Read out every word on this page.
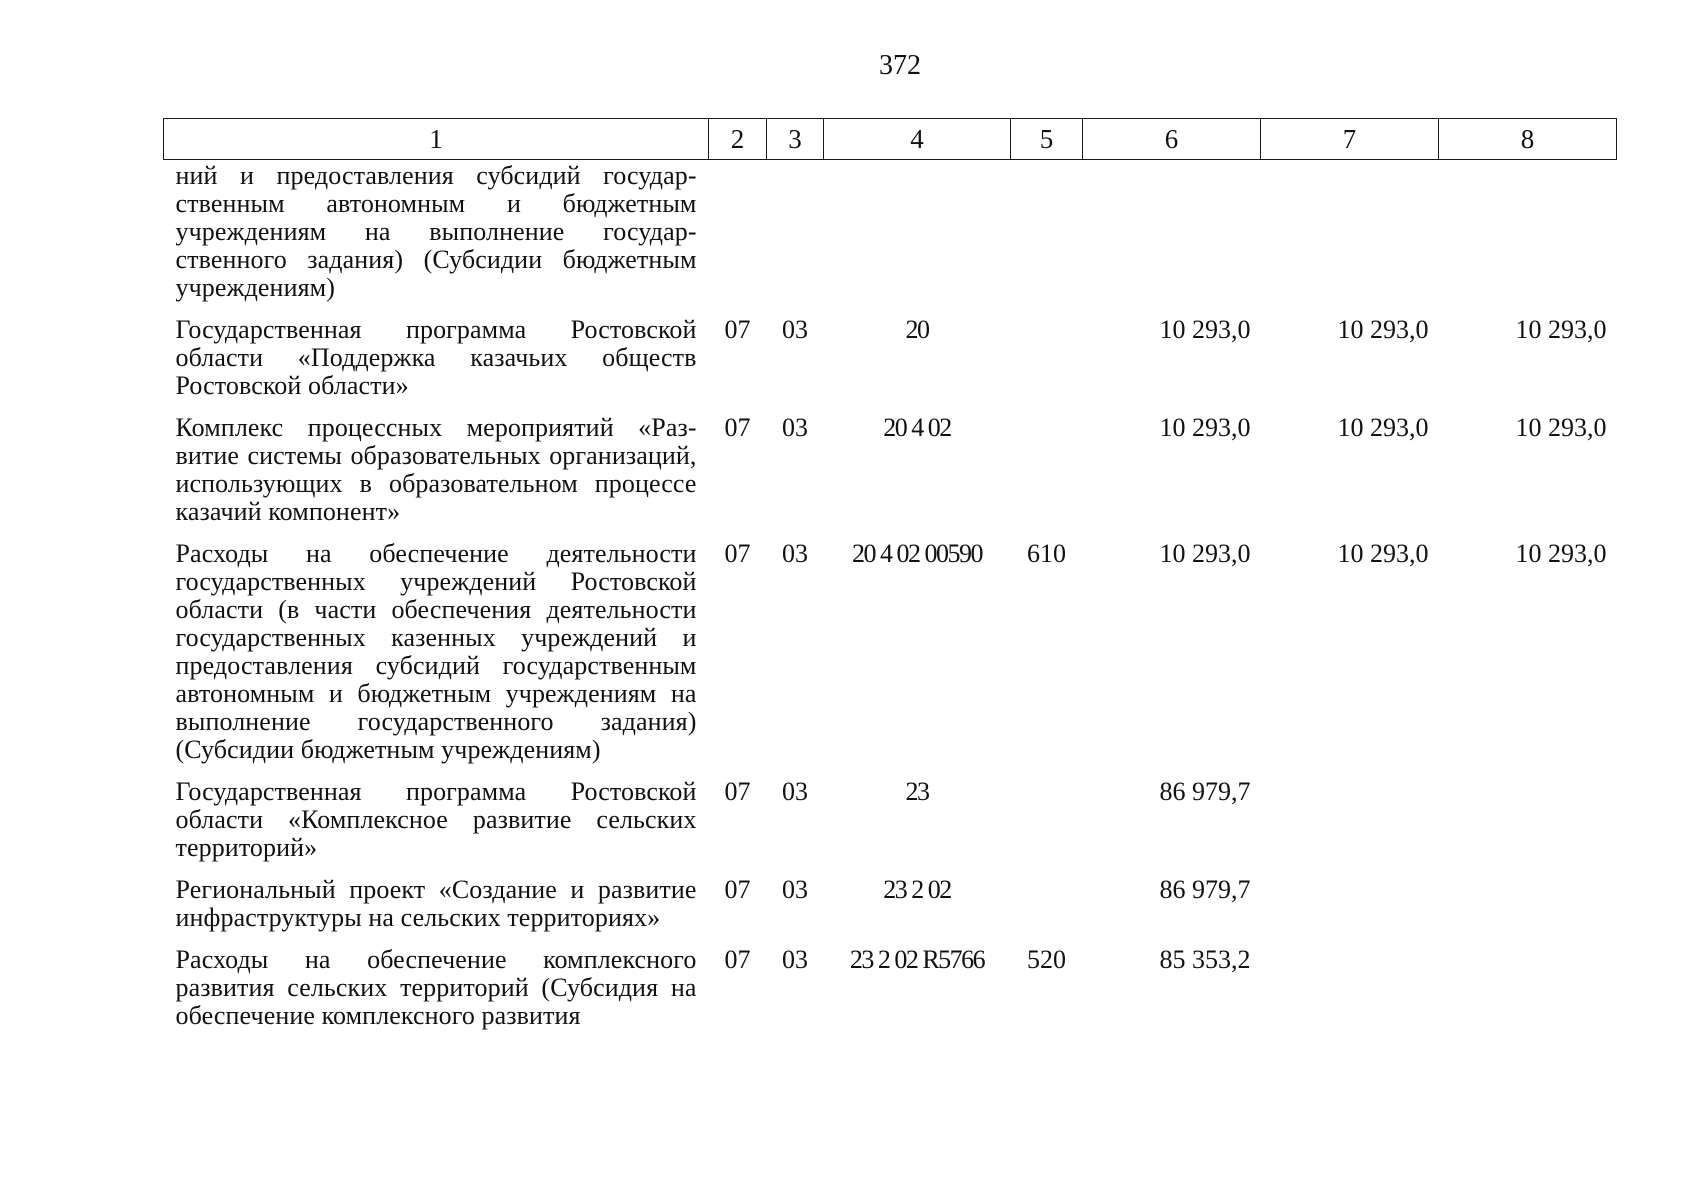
372
1	2	3	4	5	6	7	8
ний и предоставления субсидий государственным автономным и бюджетным учреждениям на выполнение государственного задания) (Субсидии бюджетным учреждениям)							
Государственная программа Ростовской области «Поддержка казачьих обществ Ростовской области»	07	03	20		10 293,0	10 293,0	10 293,0
Комплекс процессных мероприятий «Развитие системы образовательных организаций, использующих в образовательном процессе казачий компонент»	07	03	20 4 02		10 293,0	10 293,0	10 293,0
Расходы на обеспечение деятельности государственных учреждений Ростовской области (в части обеспечения деятельности государственных казенных учреждений и предоставления субсидий государственным автономным и бюджетным учреждениям на выполнение государственного задания) (Субсидии бюджетным учреждениям)	07	03	20 4 02 00590	610	10 293,0	10 293,0	10 293,0
Государственная программа Ростовской области «Комплексное развитие сельских территорий»	07	03	23		86 979,7		
Региональный проект «Создание и развитие инфраструктуры на сельских территориях»	07	03	23 2 02		86 979,7		
Расходы на обеспечение комплексного развития сельских территорий (Субсидия на обеспечение комплексного развития	07	03	23 2 02 R5766	520	85 353,2		
